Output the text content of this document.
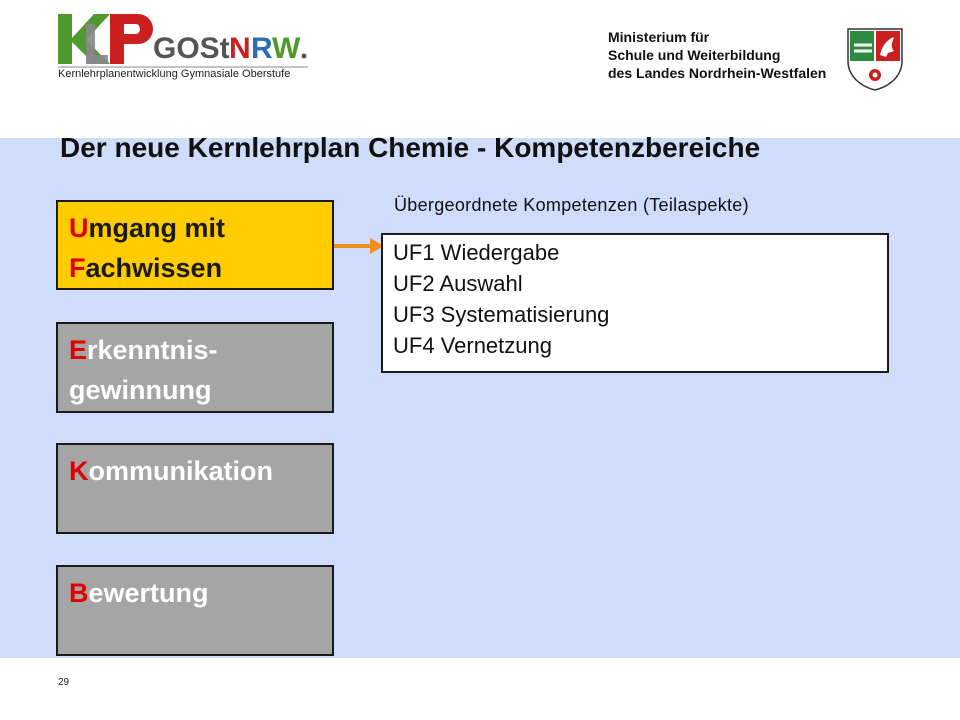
GOSt N R W
Kernlehrplanentwicklung Gymnasiale Oberstufe
Ministerium für
Schule und Weiterbildung
des Landes Nordrhein-Westfalen
Der neue Kernlehrplan Chemie - Kompetenzbereiche
Umgang mit
Fachwissen
Erkenntnis-
gewinnung
Kommunikation
Bewertung
Übergeordnete Kompetenzen (Teilaspekte)
UF1 Wiedergabe
UF2 Auswahl
UF3 Systematisierung
UF4 Vernetzung
29
